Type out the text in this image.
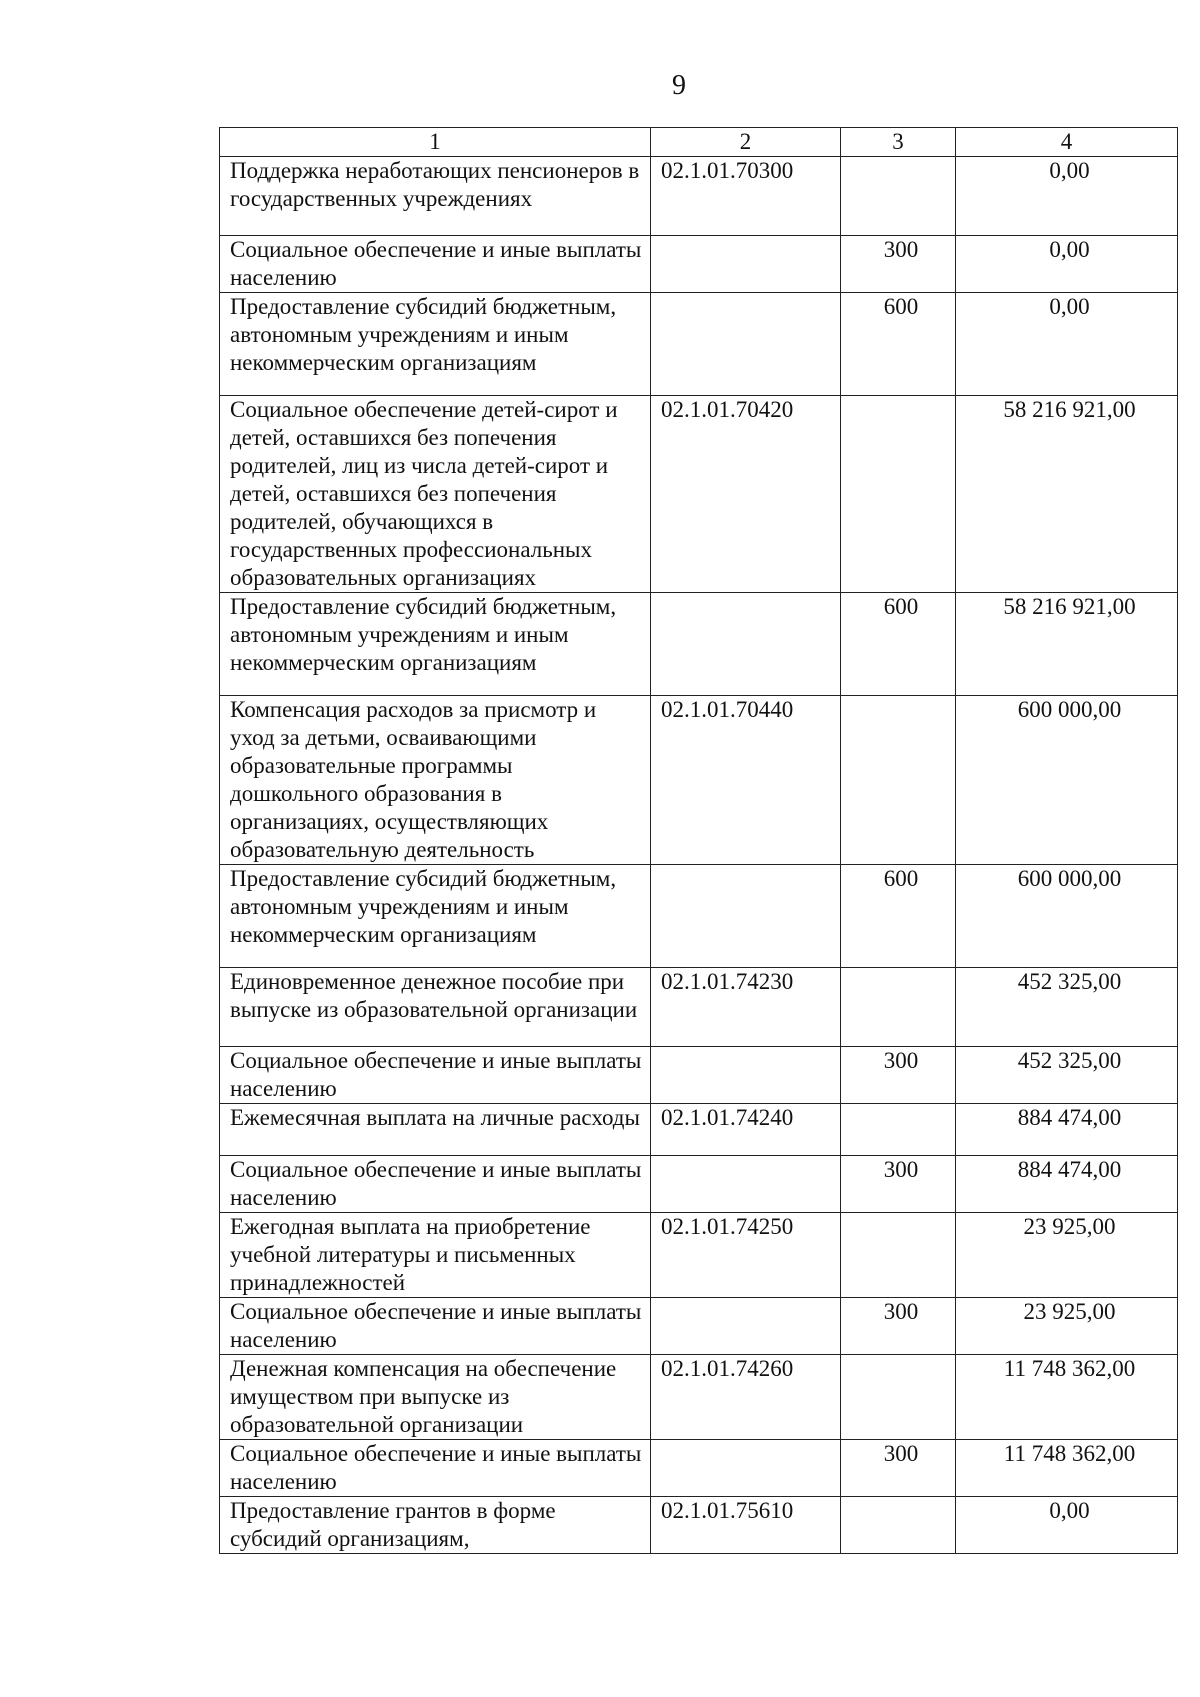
9
1	2	3	4
Поддержка неработающих пенсионеров в государственных учреждениях	02.1.01.70300		0,00
Социальное обеспечение и иные выплаты населению		300	0,00
Предоставление субсидий бюджетным, автономным учреждениям и иным некоммерческим организациям		600	0,00
Социальное обеспечение детей-сирот и детей, оставшихся без попечения родителей, лиц из числа детей-сирот и детей, оставшихся без попечения родителей, обучающихся в государственных профессиональных образовательных организациях	02.1.01.70420		58 216 921,00
Предоставление субсидий бюджетным, автономным учреждениям и иным некоммерческим организациям		600	58 216 921,00
Компенсация расходов за присмотр и уход за детьми, осваивающими образовательные программы дошкольного образования в организациях, осуществляющих образовательную деятельность	02.1.01.70440		600 000,00
Предоставление субсидий бюджетным, автономным учреждениям и иным некоммерческим организациям		600	600 000,00
Единовременное денежное пособие при выпуске из образовательной организации	02.1.01.74230		452 325,00
Социальное обеспечение и иные выплаты населению		300	452 325,00
Ежемесячная выплата на личные расходы	02.1.01.74240		884 474,00
Социальное обеспечение и иные выплаты населению		300	884 474,00
Ежегодная выплата на приобретение учебной литературы и письменных принадлежностей	02.1.01.74250		23 925,00
Социальное обеспечение и иные выплаты населению		300	23 925,00
Денежная компенсация на обеспечение имуществом при выпуске из образовательной организации	02.1.01.74260		11 748 362,00
Социальное обеспечение и иные выплаты населению		300	11 748 362,00
Предоставление грантов в форме субсидий организациям,	02.1.01.75610		0,00
